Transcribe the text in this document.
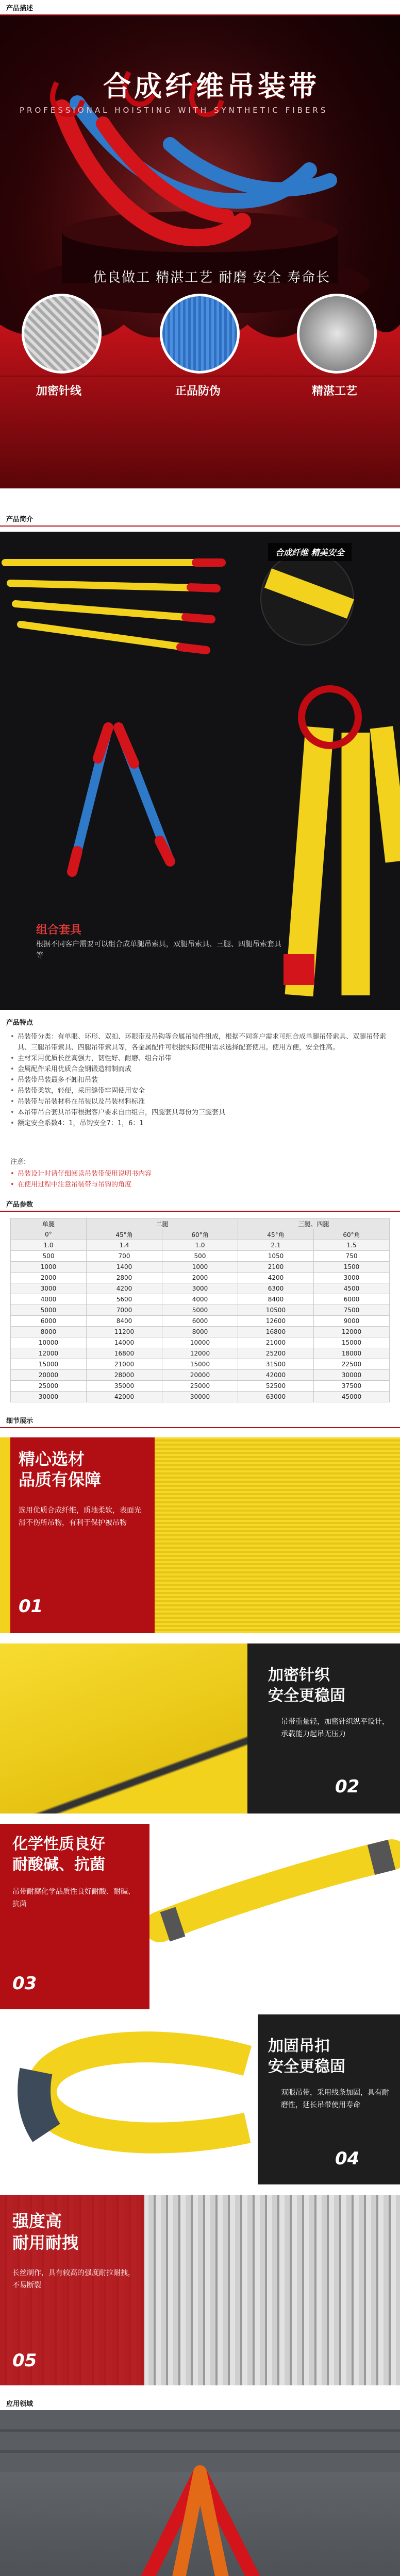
产品描述
合成纤维吊装带
PROFESSIONAL HOISTING WITH SYNTHETIC FIBERS
优良做工 精湛工艺 耐磨 安全 寿命长
加密针线	正品防伪	精湛工艺
产品简介
合成纤维 精美安全
组合套具
根据不同客户需要可以组合成单腿吊索具，双腿吊索具、三腿、四腿吊索套具等
产品特点
• 吊装带分类：有单眼、环形、双扣、环眼带及吊钩等金属吊装件组成，根据不同客户需求可组合成单腿吊带索具、双腿吊带索具、三腿吊带索具、四腿吊带索具等，各金属配件可根据实际使用需求选择配套使用。使用方便，安全性高。
• 主材采用优质长丝高强力，韧性好、耐磨、组合吊带
• 金属配件采用优质合金钢锻造精制而成
• 吊装带吊装最多不卸扣吊装
• 吊装带柔软，轻便，采用缝带牢固使用安全
• 吊装带与吊装材料在吊装以及吊装材料标准
• 本吊带吊合套具吊带根据客户要求自由组合，四腿套具每份为三腿套具
• 额定安全系数4：1，吊钩安全7：1，6：1
注意:
• 吊装设计时请仔细阅读吊装带使用说明书内容
• 在使用过程中注意吊装带与吊钩的角度
产品参数
单腿	二腿		三腿、四腿	
0°	45°角	60°角	45°角	60°角
1.0	1.4	1.0	2.1	1.5
500	700	500	1050	750
1000	1400	1000	2100	1500
2000	2800	2000	4200	3000
3000	4200	3000	6300	4500
4000	5600	4000	8400	6000
5000	7000	5000	10500	7500
6000	8400	6000	12600	9000
8000	11200	8000	16800	12000
10000	14000	10000	21000	15000
12000	16800	12000	25200	18000
15000	21000	15000	31500	22500
20000	28000	20000	42000	30000
25000	35000	25000	52500	37500
30000	42000	30000	63000	45000
细节展示
精心选材
品质有保障
选用优质合成纤维，质地柔软，表面光滑不伤所吊物，有利于保护被吊物
01
加密针织
安全更稳固
吊带重量轻，加密针织纵平设计，承载能力起吊无压力
02
化学性质良好
耐酸碱、抗菌
吊带耐腐化学品质性良好耐酸、耐碱、抗菌
03
加固吊扣
安全更稳固
双眼吊带，采用线条加固，具有耐磨性，延长吊带使用寿命
04
强度高
耐用耐拽
长丝制作，具有较高的强度耐拉耐拽，不易断裂
05
应用领域
